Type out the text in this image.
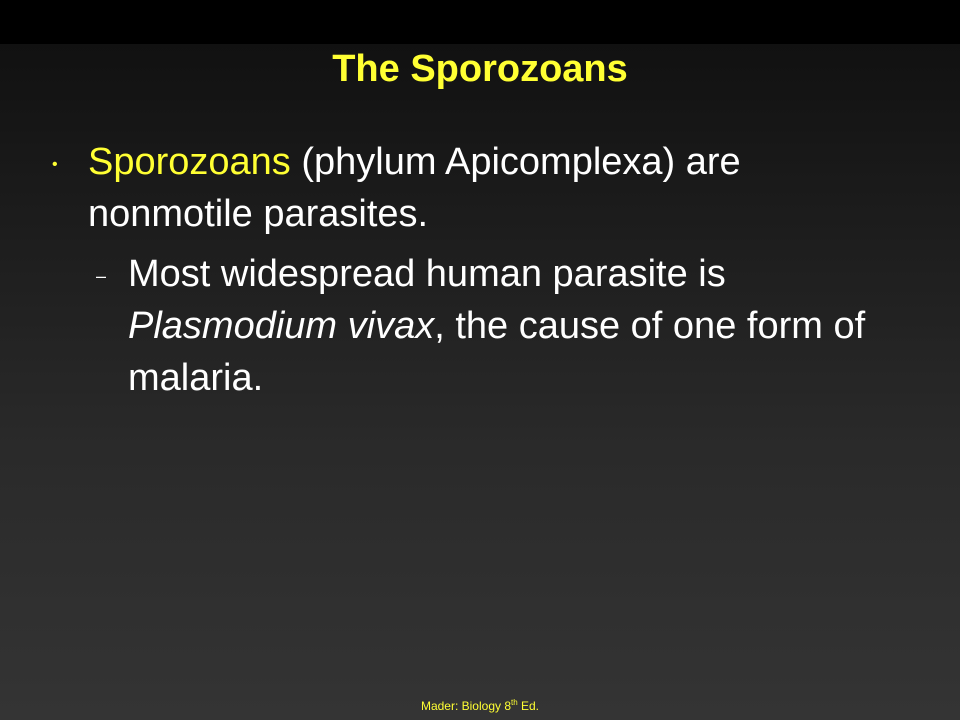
The Sporozoans
• Sporozoans (phylum Apicomplexa) are nonmotile parasites.
– Most widespread human parasite is Plasmodium vivax, the cause of one form of malaria.
Mader: Biology 8th Ed.
